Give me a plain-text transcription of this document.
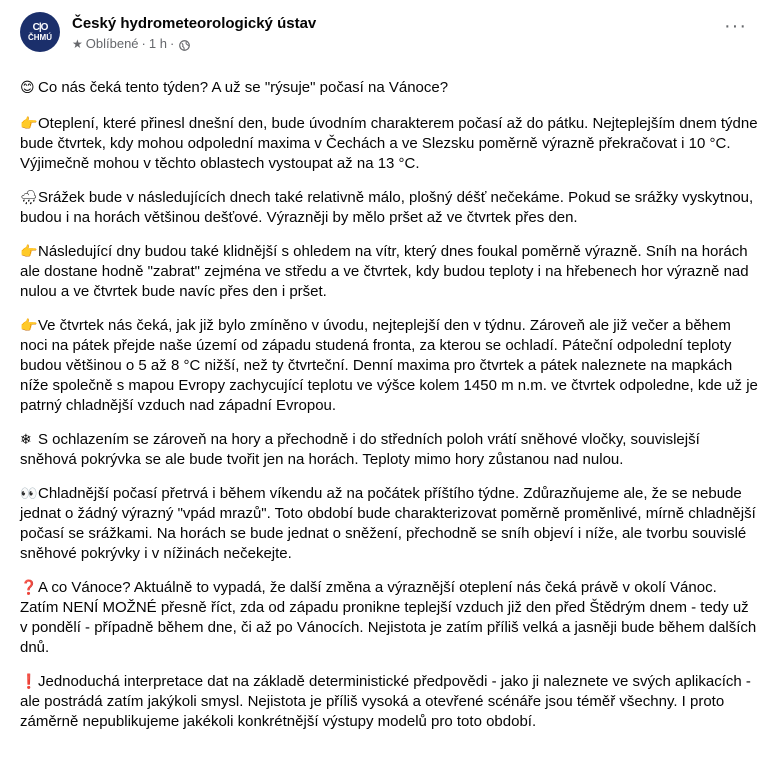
C|O
ČHMÚ
Český hydrometeorologický ústav
★ Oblíbené · 1 h ·
···
😊 Co nás čeká tento týden? A už se "rýsuje" počasí na Vánoce?
👉Oteplení, které přinesl dnešní den, bude úvodním charakterem počasí až do pátku. Nejteplejším dnem týdne bude čtvrtek, kdy mohou odpolední maxima v Čechách a ve Slezsku poměrně výrazně překračovat i 10 °C. Výjimečně mohou v těchto oblastech vystoupat až na 13 °C.
🌧Srážek bude v následujících dnech také relativně málo, plošný déšť nečekáme. Pokud se srážky vyskytnou, budou i na horách většinou dešťové. Výrazněji by mělo pršet až ve čtvrtek přes den.
👉Následující dny budou také klidnější s ohledem na vítr, který dnes foukal poměrně výrazně. Sníh na horách ale dostane hodně "zabrat" zejména ve středu a ve čtvrtek, kdy budou teploty i na hřebenech hor výrazně nad nulou a ve čtvrtek bude navíc přes den i pršet.
👉Ve čtvrtek nás čeká, jak již bylo zmíněno v úvodu, nejteplejší den v týdnu. Zároveň ale již večer a během noci na pátek přejde naše území od západu studená fronta, za kterou se ochladí. Páteční odpolední teploty budou většinou o 5 až 8 °C nižší, než ty čtvrteční. Denní maxima pro čtvrtek a pátek naleznete na mapkách níže společně s mapou Evropy zachycující teplotu ve výšce kolem 1450 m n.m. ve čtvrtek odpoledne, kde už je patrný chladnější vzduch nad západní Evropou.
❄ S ochlazením se zároveň na hory a přechodně i do středních poloh vrátí sněhové vločky, souvislejší sněhová pokrývka se ale bude tvořit jen na horách. Teploty mimo hory zůstanou nad nulou.
👀Chladnější počasí přetrvá i během víkendu až na počátek příštího týdne. Zdůrazňujeme ale, že se nebude jednat o žádný výrazný "vpád mrazů". Toto období bude charakterizovat poměrně proměnlivé, mírně chladnější počasí se srážkami. Na horách se bude jednat o sněžení, přechodně se sníh objeví i níže, ale tvorbu souvislé sněhové pokrývky i v nížinách nečekejte.
❓A co Vánoce? Aktuálně to vypadá, že další změna a výraznější oteplení nás čeká právě v okolí Vánoc. Zatím NENÍ MOŽNÉ přesně říct, zda od západu pronikne teplejší vzduch již den před Štědrým dnem - tedy už v pondělí - případně během dne, či až po Vánocích. Nejistota je zatím příliš velká a jasněji bude během dalších dnů.
❗Jednoduchá interpretace dat na základě deterministické předpovědi - jako ji naleznete ve svých aplikacích - ale postrádá zatím jakýkoli smysl. Nejistota je příliš vysoká a otevřené scénáře jsou téměř všechny. I proto záměrně nepublikujeme jakékoli konkrétnější výstupy modelů pro toto období.
